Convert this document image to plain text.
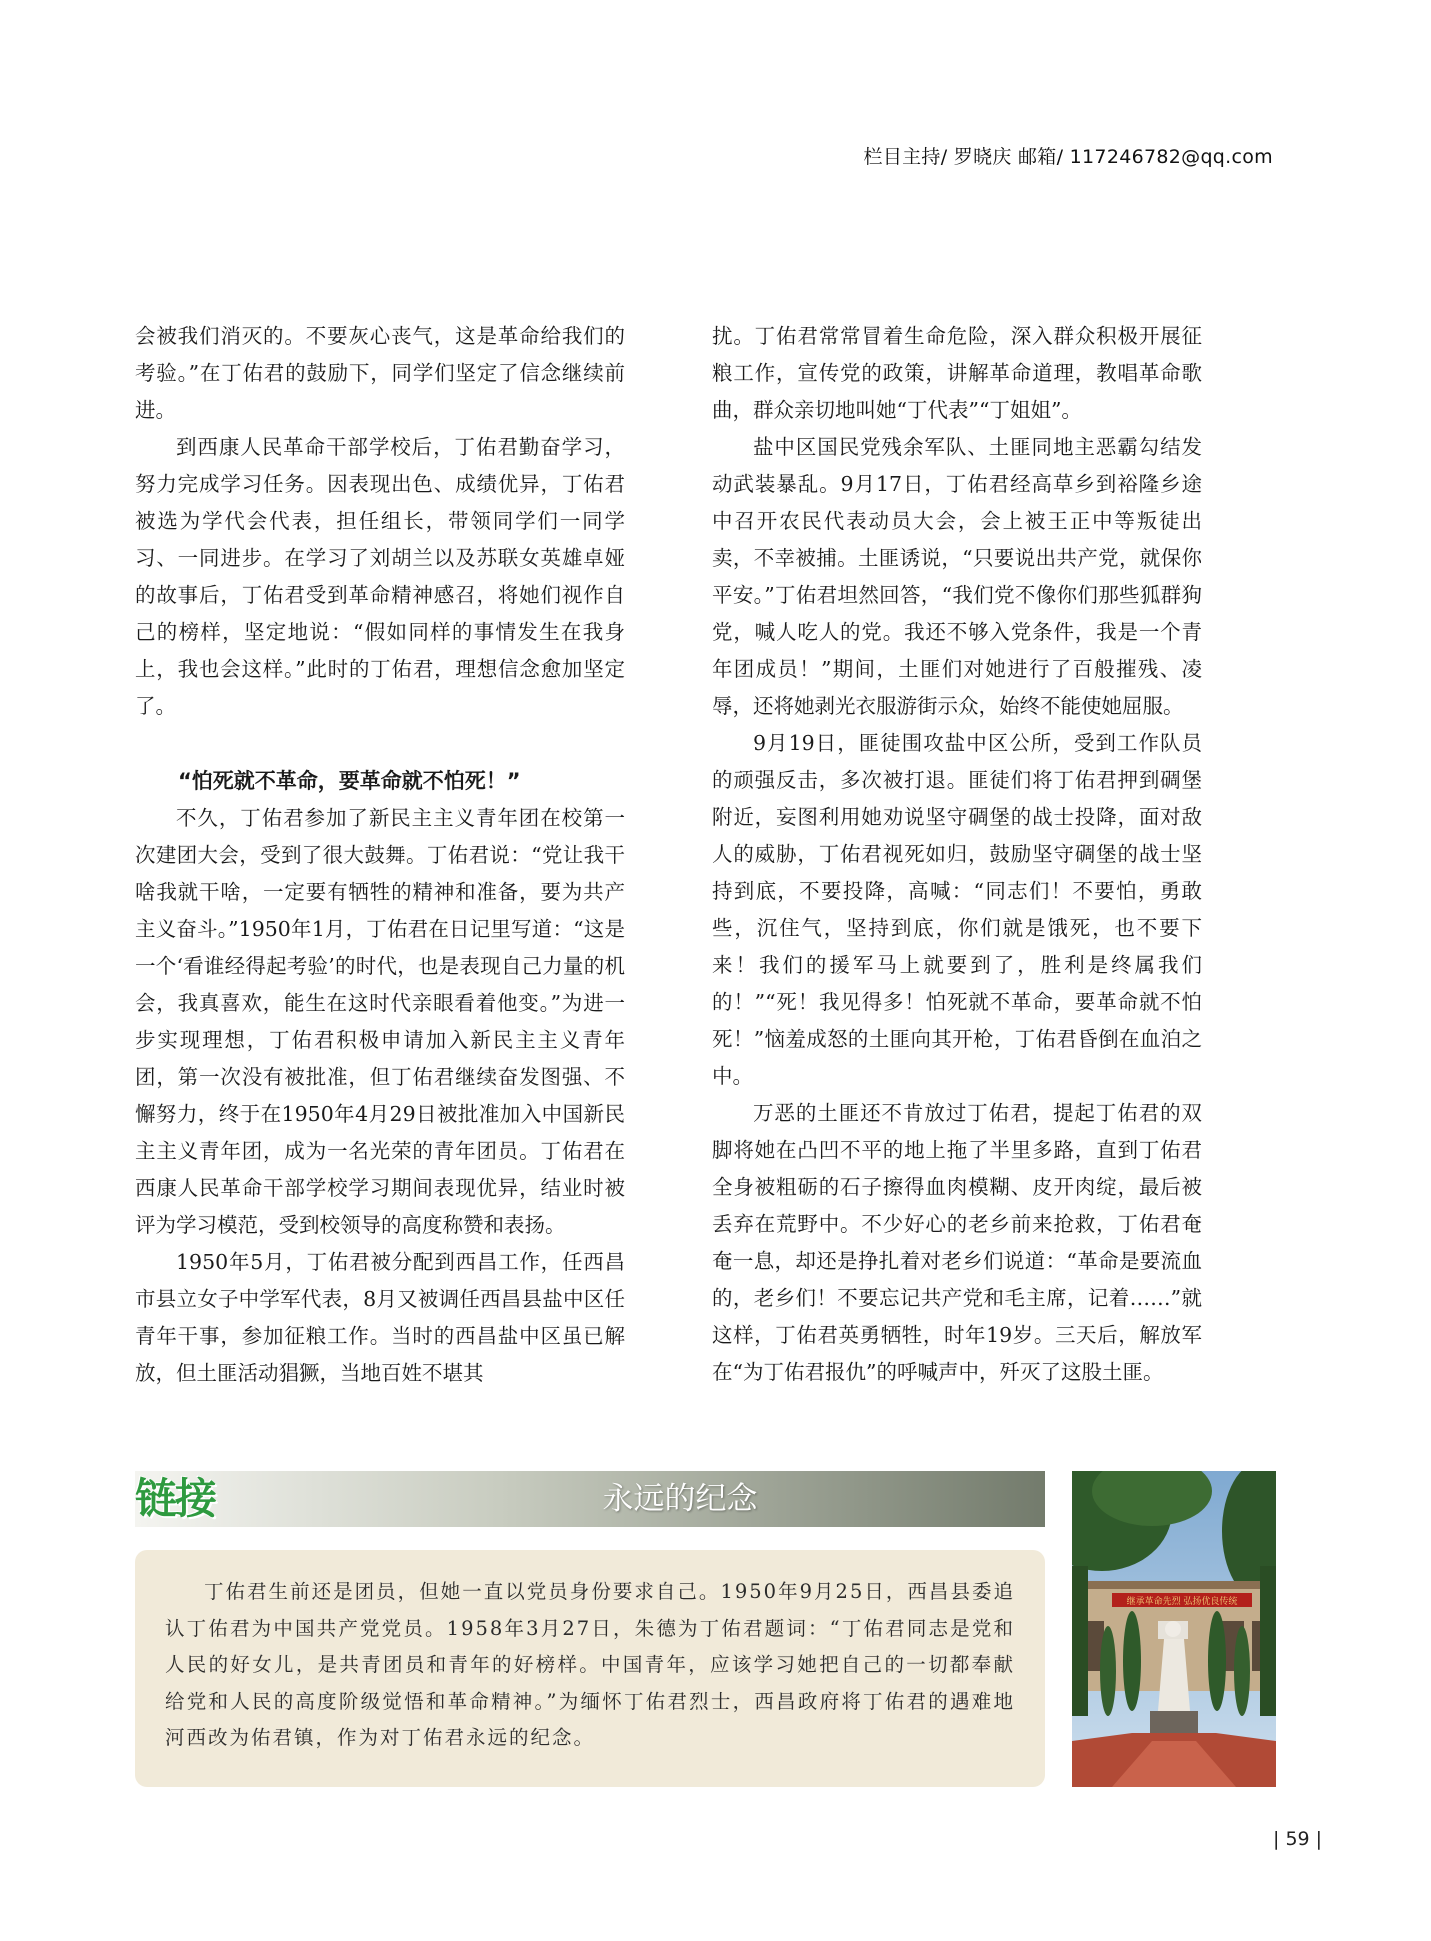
栏目主持/ 罗晓庆 邮箱/ 117246782@qq.com

会被我们消灭的。不要灰心丧气，这是革命给我们的考验。”在丁佑君的鼓励下，同学们坚定了信念继续前进。

到西康人民革命干部学校后，丁佑君勤奋学习，努力完成学习任务。因表现出色、成绩优异，丁佑君被选为学代会代表，担任组长，带领同学们一同学习、一同进步。在学习了刘胡兰以及苏联女英雄卓娅的故事后，丁佑君受到革命精神感召，将她们视作自己的榜样，坚定地说：“假如同样的事情发生在我身上，我也会这样。”此时的丁佑君，理想信念愈加坚定了。

“怕死就不革命，要革命就不怕死！”

不久，丁佑君参加了新民主主义青年团在校第一次建团大会，受到了很大鼓舞。丁佑君说：“党让我干啥我就干啥，一定要有牺牲的精神和准备，要为共产主义奋斗。”1950年1月，丁佑君在日记里写道：“这是一个‘看谁经得起考验’的时代，也是表现自己力量的机会，我真喜欢，能生在这时代亲眼看着他变。”为进一步实现理想，丁佑君积极申请加入新民主主义青年团，第一次没有被批准，但丁佑君继续奋发图强、不懈努力，终于在1950年4月29日被批准加入中国新民主主义青年团，成为一名光荣的青年团员。丁佑君在西康人民革命干部学校学习期间表现优异，结业时被评为学习模范，受到校领导的高度称赞和表扬。

1950年5月，丁佑君被分配到西昌工作，任西昌市县立女子中学军代表，8月又被调任西昌县盐中区任青年干事，参加征粮工作。当时的西昌盐中区虽已解放，但土匪活动猖獗，当地百姓不堪其

扰。丁佑君常常冒着生命危险，深入群众积极开展征粮工作，宣传党的政策，讲解革命道理，教唱革命歌曲，群众亲切地叫她“丁代表”“丁姐姐”。

盐中区国民党残余军队、土匪同地主恶霸勾结发动武装暴乱。9月17日，丁佑君经高草乡到裕隆乡途中召开农民代表动员大会，会上被王正中等叛徒出卖，不幸被捕。土匪诱说，“只要说出共产党，就保你平安。”丁佑君坦然回答，“我们党不像你们那些狐群狗党，喊人吃人的党。我还不够入党条件，我是一个青年团成员！”期间，土匪们对她进行了百般摧残、凌辱，还将她剥光衣服游街示众，始终不能使她屈服。

9月19日，匪徒围攻盐中区公所，受到工作队员的顽强反击，多次被打退。匪徒们将丁佑君押到碉堡附近，妄图利用她劝说坚守碉堡的战士投降，面对敌人的威胁，丁佑君视死如归，鼓励坚守碉堡的战士坚持到底，不要投降，高喊：“同志们！不要怕，勇敢些，沉住气，坚持到底，你们就是饿死，也不要下来！我们的援军马上就要到了，胜利是终属我们的！”“死！我见得多！怕死就不革命，要革命就不怕死！”恼羞成怒的土匪向其开枪，丁佑君昏倒在血泊之中。

万恶的土匪还不肯放过丁佑君，提起丁佑君的双脚将她在凸凹不平的地上拖了半里多路，直到丁佑君全身被粗砺的石子擦得血肉模糊、皮开肉绽，最后被丢弃在荒野中。不少好心的老乡前来抢救，丁佑君奄奄一息，却还是挣扎着对老乡们说道：“革命是要流血的，老乡们！不要忘记共产党和毛主席，记着……”就这样，丁佑君英勇牺牲，时年19岁。三天后，解放军在“为丁佑君报仇”的呼喊声中，歼灭了这股土匪。

链接	永远的纪念

丁佑君生前还是团员，但她一直以党员身份要求自己。1950年9月25日，西昌县委追认丁佑君为中国共产党党员。1958年3月27日，朱德为丁佑君题词：“丁佑君同志是党和人民的好女儿，是共青团员和青年的好榜样。中国青年，应该学习她把自己的一切都奉献给党和人民的高度阶级觉悟和革命精神。”为缅怀丁佑君烈士，西昌政府将丁佑君的遇难地河西改为佑君镇，作为对丁佑君永远的纪念。

继承革命先烈 弘扬优良传统
| 59 |
